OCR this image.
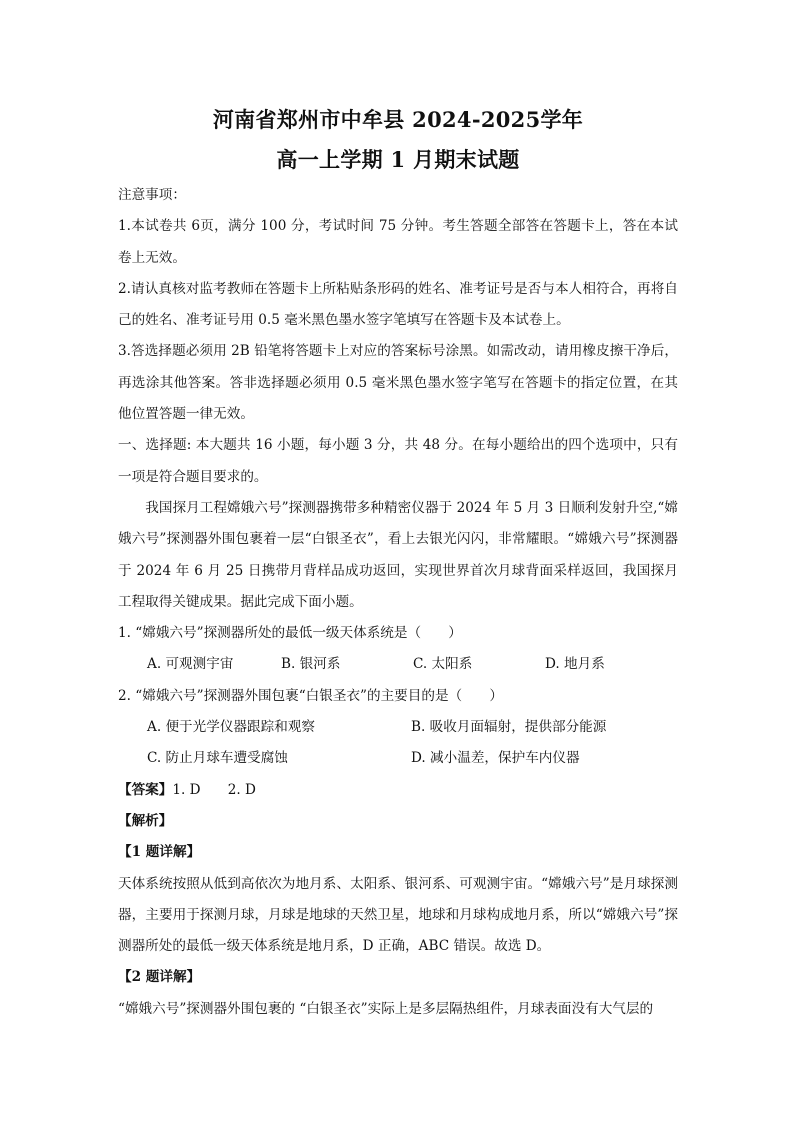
河南省郑州市中牟县 2024-2025学年
高一上学期 1 月期末试题

注意事项：

1.本试卷共 6页，满分 100 分，考试时间 75 分钟。考生答题全部答在答题卡上，答在本试卷上无效。

2.请认真核对监考教师在答题卡上所粘贴条形码的姓名、准考证号是否与本人相符合，再将自己的姓名、准考证号用 0.5 毫米黑色墨水签字笔填写在答题卡及本试卷上。

3.答选择题必须用 2B 铅笔将答题卡上对应的答案标号涂黑。如需改动，请用橡皮擦干净后，再选涂其他答案。答非选择题必须用 0.5 毫米黑色墨水签字笔写在答题卡的指定位置，在其他位置答题一律无效。

一、选择题: 本大题共 16 小题，每小题 3 分，共 48 分。在每小题给出的四个选项中，只有一项是符合题目要求的。

我国探月工程嫦娥六号”探测器携带多种精密仪器于 2024 年 5 月 3 日顺利发射升空,“嫦娥六号”探测器外围包裹着一层“白银圣衣”，看上去银光闪闪，非常耀眼。“嫦娥六号”探测器于 2024 年 6 月 25 日携带月背样品成功返回，实现世界首次月球背面采样返回，我国探月工程取得关键成果。据此完成下面小题。

1. “嫦娥六号”探测器所处的最低一级天体系统是（　　）

A. 可观测宇宙	B. 银河系	C. 太阳系	D. 地月系

2. “嫦娥六号”探测器外围包裹“白银圣衣”的主要目的是（　　）

A. 便于光学仪器跟踪和观察	B. 吸收月面辐射，提供部分能源
C. 防止月球车遭受腐蚀	D. 减小温差，保护车内仪器

【答案】1. D　　2. D

【解析】

【1 题详解】

天体系统按照从低到高依次为地月系、太阳系、银河系、可观测宇宙。“嫦娥六号”是月球探测器，主要用于探测月球，月球是地球的天然卫星，地球和月球构成地月系，所以“嫦娥六号”探测器所处的最低一级天体系统是地月系，D 正确，ABC 错误。故选 D。

【2 题详解】

“嫦娥六号”探测器外围包裹的 “白银圣衣”实际上是多层隔热组件，月球表面没有大气层的
